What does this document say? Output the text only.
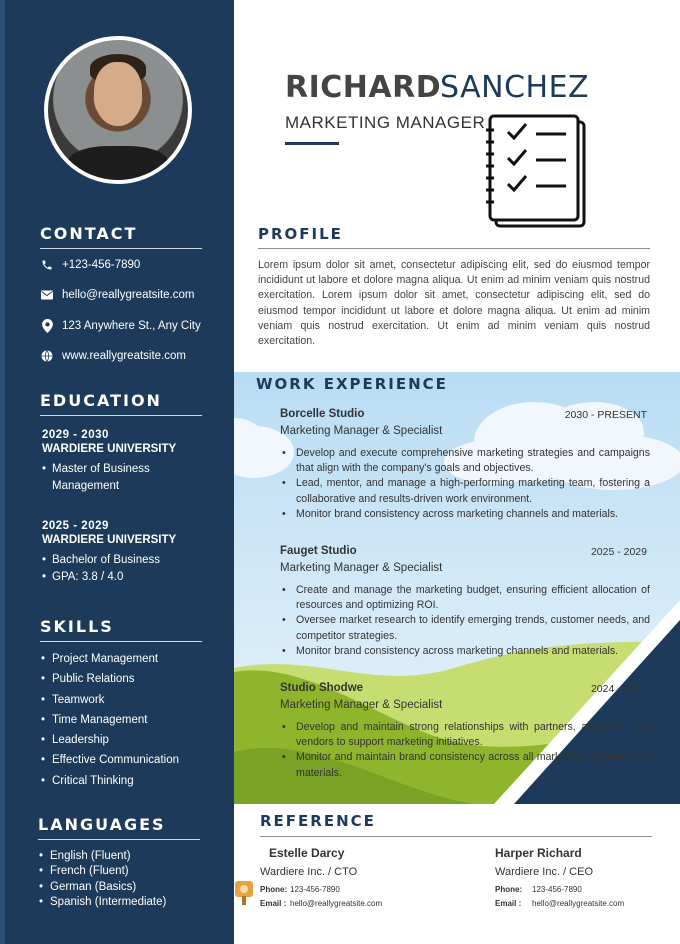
CONTACT
+123-456-7890
hello@reallygreatsite.com
123 Anywhere St., Any City
www.reallygreatsite.com
EDUCATION
2029 - 2030
WARDIERE UNIVERSITY
• Master of Business Management
2025 - 2029
WARDIERE UNIVERSITY
• Bachelor of Business
• GPA: 3.8 / 4.0
SKILLS
• Project Management
• Public Relations
• Teamwork
• Time Management
• Leadership
• Effective Communication
• Critical Thinking
LANGUAGES
• English (Fluent)
• French (Fluent)
• German (Basics)
• Spanish (Intermediate)
RICHARD
SANCHEZ
MARKETING MANAGER
PROFILE
Lorem ipsum dolor sit amet, consectetur adipiscing elit, sed do eiusmod tempor incididunt ut labore et dolore magna aliqua. Ut enim ad minim veniam quis nostrud exercitation. Lorem ipsum dolor sit amet, consectetur adipiscing elit, sed do eiusmod tempor incididunt ut labore et dolore magna aliqua. Ut enim ad minim veniam quis nostrud exercitation. Ut enim ad minim veniam quis nostrud exercitation.
WORK EXPERIENCE
Borcelle Studio	2030 - PRESENT
Marketing Manager & Specialist
• Develop and execute comprehensive marketing strategies and campaigns that align with the company's goals and objectives.
• Lead, mentor, and manage a high-performing marketing team, fostering a collaborative and results-driven work environment.
• Monitor brand consistency across marketing channels and materials.
Fauget Studio	2025 - 2029
Marketing Manager & Specialist
• Create and manage the marketing budget, ensuring efficient allocation of resources and optimizing ROI.
• Oversee market research to identify emerging trends, customer needs, and competitor strategies.
• Monitor brand consistency across marketing channels and materials.
Studio Shodwe	2024 - 2025
Marketing Manager & Specialist
• Develop and maintain strong relationships with partners, agencies, and vendors to support marketing initiatives.
• Monitor and maintain brand consistency across all marketing channels and materials.
REFERENCE
Estelle Darcy
Wardiere Inc. / CTO
Phone: 123-456-7890
Email : hello@reallygreatsite.com
Harper Richard
Wardiere Inc. / CEO
Phone: 123-456-7890
Email : hello@reallygreatsite.com
